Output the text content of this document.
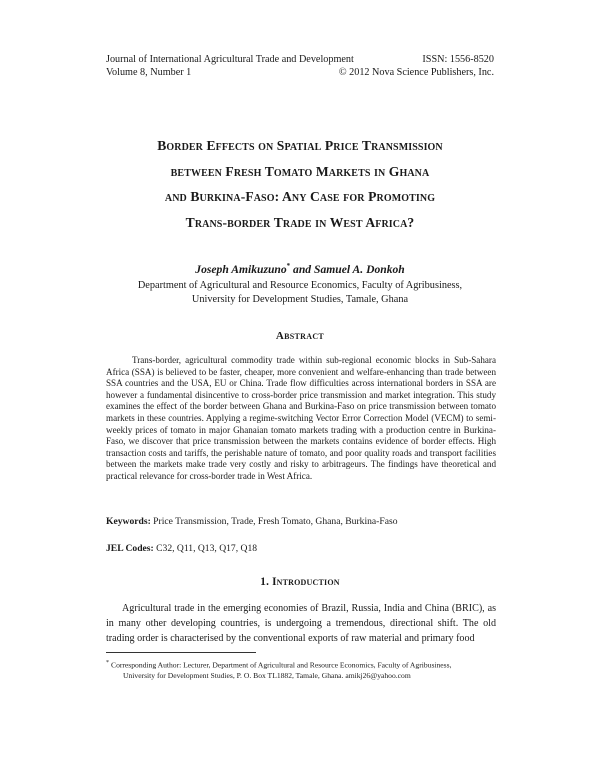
Journal of International Agricultural Trade and Development	ISSN: 1556-8520
Volume 8, Number 1	© 2012 Nova Science Publishers, Inc.
Border Effects on Spatial Price Transmission
between Fresh Tomato Markets in Ghana
and Burkina-Faso: Any Case for Promoting
Trans-border Trade in West Africa?
Joseph Amikuzuno* and Samuel A. Donkoh
Department of Agricultural and Resource Economics, Faculty of Agribusiness,
University for Development Studies, Tamale, Ghana
Abstract
Trans-border, agricultural commodity trade within sub-regional economic blocks in Sub-Sahara Africa (SSA) is believed to be faster, cheaper, more convenient and welfare-enhancing than trade between SSA countries and the USA, EU or China. Trade flow difficulties across international borders in SSA are however a fundamental disincentive to cross-border price transmission and market integration. This study examines the effect of the border between Ghana and Burkina-Faso on price transmission between tomato markets in these countries. Applying a regime-switching Vector Error Correction Model (VECM) to semi-weekly prices of tomato in major Ghanaian tomato markets trading with a production centre in Burkina-Faso, we discover that price transmission between the markets contains evidence of border effects. High transaction costs and tariffs, the perishable nature of tomato, and poor quality roads and transport facilities between the markets make trade very costly and risky to arbitrageurs. The findings have theoretical and practical relevance for cross-border trade in West Africa.
Keywords: Price Transmission, Trade, Fresh Tomato, Ghana, Burkina-Faso
JEL Codes: C32, Q11, Q13, Q17, Q18
1. Introduction
Agricultural trade in the emerging economies of Brazil, Russia, India and China (BRIC), as in many other developing countries, is undergoing a tremendous, directional shift. The old trading order is characterised by the conventional exports of raw material and primary food
* Corresponding Author: Lecturer, Department of Agricultural and Resource Economics, Faculty of Agribusiness,
University for Development Studies, P. O. Box TL1882, Tamale, Ghana. amikj26@yahoo.com
